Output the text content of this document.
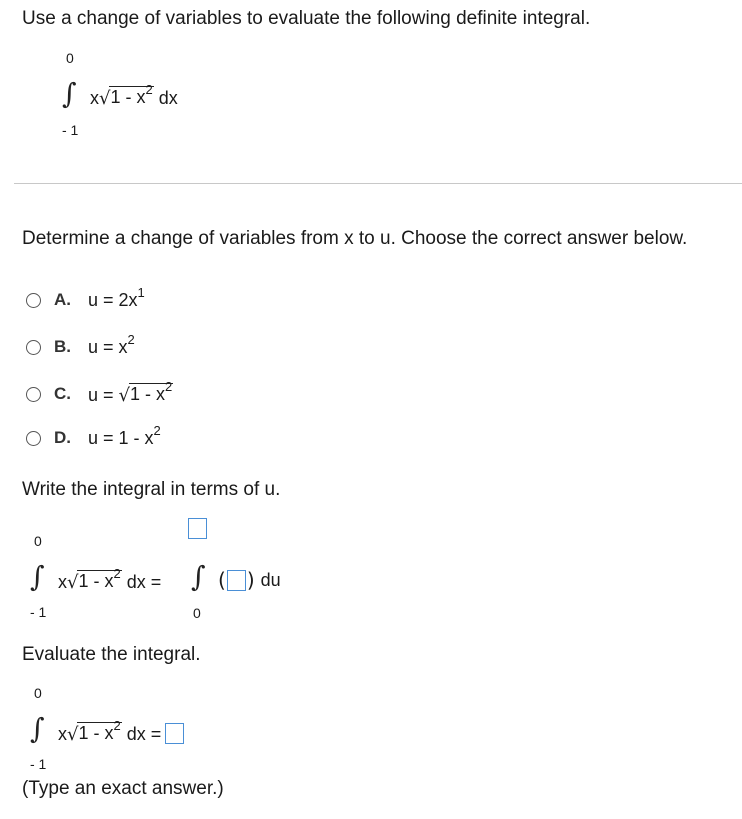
Use a change of variables to evaluate the following definite integral.
0
∫
- 1
x √ $1 - x^2$ dx
Determine a change of variables from x to u. Choose the correct answer below.
A. $u = 2x^1$
B. $u = x^2$
C. u = √ $1 - x^2$
D. $u = 1 - x^2$
Write the integral in terms of u.
0
∫
- 1
x √ $1 - x^2$ dx = ∫
0
( ) du
Evaluate the integral.
0
∫
- 1
x √ $1 - x^2$ dx =
(Type an exact answer.)
